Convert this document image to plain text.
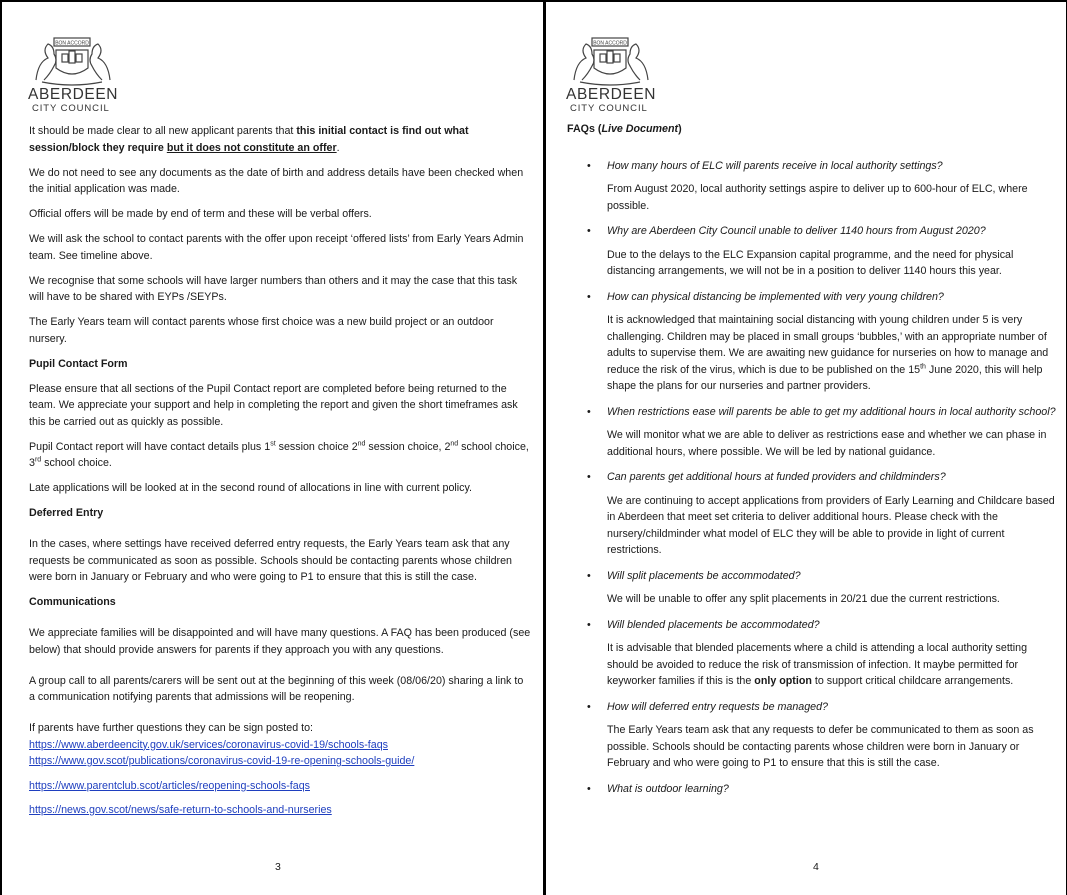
BON ACCORD
ABERDEEN
CITY COUNCIL

It should be made clear to all new applicant parents that this initial contact is find out what session/block they require but it does not constitute an offer.

We do not need to see any documents as the date of birth and address details have been checked when the initial application was made.

Official offers will be made by end of term and these will be verbal offers.

We will ask the school to contact parents with the offer upon receipt ‘offered lists’ from Early Years Admin team. See timeline above.

We recognise that some schools will have larger numbers than others and it may the case that this task will have to be shared with EYPs /SEYPs.

The Early Years team will contact parents whose first choice was a new build project or an outdoor nursery.

Pupil Contact Form

Please ensure that all sections of the Pupil Contact report are completed before being returned to the team. We appreciate your support and help in completing the report and given the short timeframes ask this be carried out as quickly as possible.

Pupil Contact report will have contact details plus 1st session choice 2nd session choice, 2nd school choice, 3rd school choice.

Late applications will be looked at in the second round of allocations in line with current policy.

Deferred Entry

In the cases, where settings have received deferred entry requests, the Early Years team ask that any requests be communicated as soon as possible. Schools should be contacting parents whose children were born in January or February and who were going to P1 to ensure that this is still the case.

Communications

We appreciate families will be disappointed and will have many questions. A FAQ has been produced (see below) that should provide answers for parents if they approach you with any questions.

A group call to all parents/carers will be sent out at the beginning of this week (08/06/20) sharing a link to a communication notifying parents that admissions will be reopening.

If parents have further questions they can be sign posted to:

https://www.aberdeencity.gov.uk/services/coronavirus-covid-19/schools-faqs

https://www.gov.scot/publications/coronavirus-covid-19-re-opening-schools-guide/

https://www.parentclub.scot/articles/reopening-schools-faqs

https://news.gov.scot/news/safe-return-to-schools-and-nurseries

3
BON ACCORD
ABERDEEN
CITY COUNCIL

FAQs (Live Document)

• How many hours of ELC will parents receive in local authority settings?
From August 2020, local authority settings aspire to deliver up to 600-hour of ELC, where possible.
• Why are Aberdeen City Council unable to deliver 1140 hours from August 2020?
Due to the delays to the ELC Expansion capital programme, and the need for physical distancing arrangements, we will not be in a position to deliver 1140 hours this year.
• How can physical distancing be implemented with very young children?
It is acknowledged that maintaining social distancing with young children under 5 is very challenging. Children may be placed in small groups ‘bubbles,’ with an appropriate number of adults to supervise them. We are awaiting new guidance for nurseries on how to manage and reduce the risk of the virus, which is due to be published on the 15th June 2020, this will help shape the plans for our nurseries and partner providers.
• When restrictions ease will parents be able to get my additional hours in local authority school?
We will monitor what we are able to deliver as restrictions ease and whether we can phase in additional hours, where possible. We will be led by national guidance.
• Can parents get additional hours at funded providers and childminders?
We are continuing to accept applications from providers of Early Learning and Childcare based in Aberdeen that meet set criteria to deliver additional hours. Please check with the nursery/childminder what model of ELC they will be able to provide in light of current restrictions.
• Will split placements be accommodated?
We will be unable to offer any split placements in 20/21 due the current restrictions.
• Will blended placements be accommodated?
It is advisable that blended placements where a child is attending a local authority setting should be avoided to reduce the risk of transmission of infection. It maybe permitted for keyworker families if this is the only option to support critical childcare arrangements.
• How will deferred entry requests be managed?
The Early Years team ask that any requests to defer be communicated to them as soon as possible. Schools should be contacting parents whose children were born in January or February and who were going to P1 to ensure that this is still the case.
• What is outdoor learning?
4
